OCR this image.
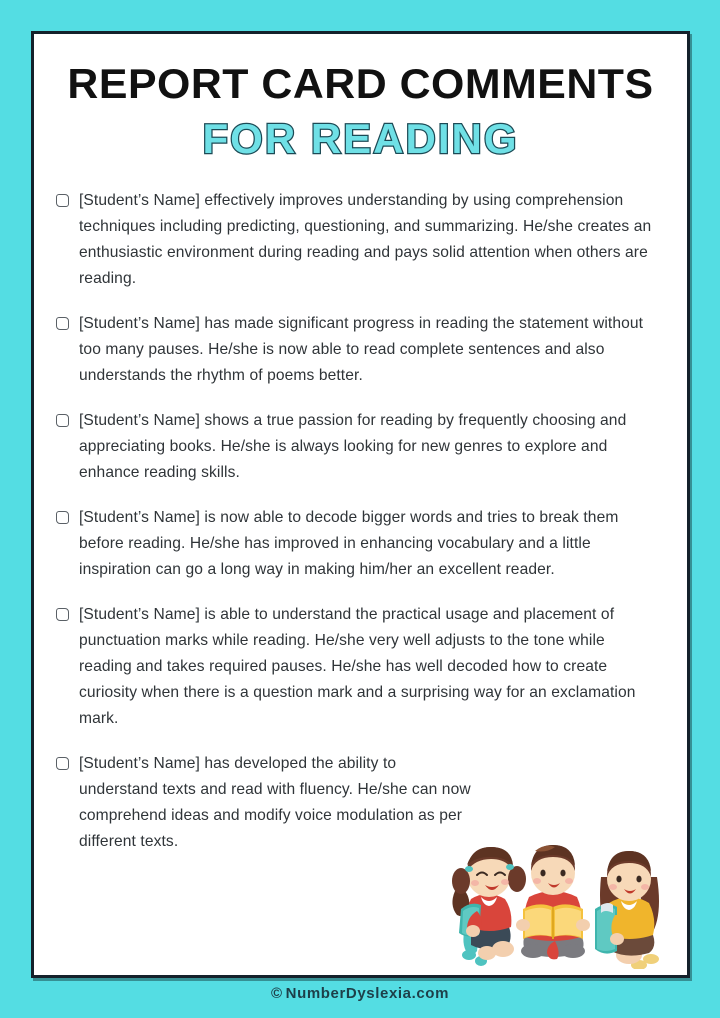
REPORT CARD COMMENTS
FOR READING
[Student’s Name] effectively improves understanding by using comprehension techniques including predicting, questioning, and summarizing. He/she creates an enthusiastic environment during reading and pays solid attention when others are reading.
[Student’s Name] has made significant progress in reading the statement without too many pauses. He/she is now able to read complete sentences and also understands the rhythm of poems better.
[Student’s Name] shows a true passion for reading by frequently choosing and appreciating books. He/she is always looking for new genres to explore and enhance reading skills.
[Student’s Name] is now able to decode bigger words and tries to break them before reading. He/she has improved in enhancing vocabulary and a little inspiration can go a long way in making him/her an excellent reader.
[Student’s Name] is able to understand the practical usage and placement of punctuation marks while reading. He/she very well adjusts to the tone while reading and takes required pauses. He/she has well decoded how to create curiosity when there is a question mark and a surprising way for an exclamation mark.
[Student’s Name] has developed the ability to understand texts and read with fluency. He/she can now comprehend ideas and modify voice modulation as per different texts.
© NumberDyslexia.com
